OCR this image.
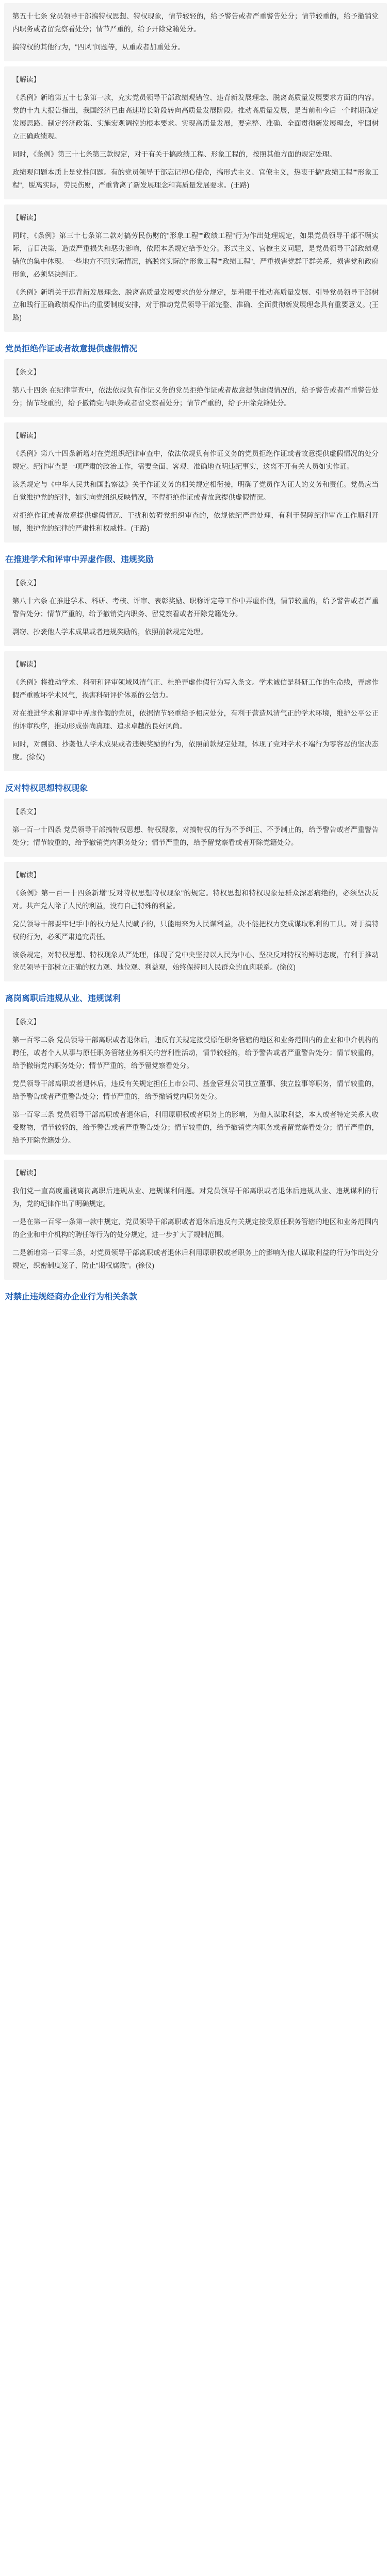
第五十七条 党员领导干部搞特权思想、特权现象，情节较轻的，给予警告或者严重警告处分；情节较重的，给予撤销党内职务或者留党察看处分；情节严重的，给予开除党籍处分。

搞特权的其他行为，"四风"问题等，从重或者加重处分。

【解读】

《条例》新增第五十七条第一款，充实党员领导干部政绩观错位、违背新发展理念、脱离高质量发展要求方面的内容。党的十九大报告指出，我国经济已由高速增长阶段转向高质量发展阶段。推动高质量发展，是当前和今后一个时期确定发展思路、制定经济政策、实施宏观调控的根本要求。实现高质量发展，要完整、准确、全面贯彻新发展理念，牢固树立正确政绩观。

同时，《条例》第三十七条第三款规定，对于有关于搞政绩工程、形象工程的，按照其他方面的规定处理。

政绩观问题本质上是党性问题。有的党员领导干部忘记初心使命，搞形式主义、官僚主义，热衷于搞"政绩工程""形象工程"，脱离实际，劳民伤财，严重背离了新发展理念和高质量发展要求。(王路)

【解读】

同时，《条例》第三十七条第二款对搞劳民伤财的"形象工程""政绩工程"行为作出处理规定，如果党员领导干部不顾实际，盲目决策，造成严重损失和恶劣影响，依照本条规定给予处分。形式主义、官僚主义问题，是党员领导干部政绩观错位的集中体现。一些地方不顾实际情况，搞脱离实际的"形象工程""政绩工程"，严重损害党群干群关系，损害党和政府形象，必须坚决纠正。

《条例》新增关于违背新发展理念、脱离高质量发展要求的处分规定，是着眼于推动高质量发展、引导党员领导干部树立和践行正确政绩观作出的重要制度安排，对于推动党员领导干部完整、准确、全面贯彻新发展理念具有重要意义。(王路)

党员拒绝作证或者故意提供虚假情况
【条文】

第八十四条 在纪律审查中，依法依规负有作证义务的党员拒绝作证或者故意提供虚假情况的，给予警告或者严重警告处分；情节较重的，给予撤销党内职务或者留党察看处分；情节严重的，给予开除党籍处分。

【解读】

《条例》第八十四条新增对在党组织纪律审查中，依法依规负有作证义务的党员拒绝作证或者故意提供虚假情况的处分规定。纪律审查是一项严肃的政治工作，需要全面、客观、准确地查明违纪事实，这离不开有关人员如实作证。

该条规定与《中华人民共和国监察法》关于作证义务的相关规定相衔接，明确了党员作为证人的义务和责任。党员应当自觉维护党的纪律，如实向党组织反映情况，不得拒绝作证或者故意提供虚假情况。

对拒绝作证或者故意提供虚假情况、干扰和妨碍党组织审查的，依规依纪严肃处理，有利于保障纪律审查工作顺利开展，维护党的纪律的严肃性和权威性。(王路)

在推进学术和评审中弄虚作假、违规奖励
【条文】

第八十六条 在推进学术、科研、考核、评审、表彰奖励、职称评定等工作中弄虚作假，情节较重的，给予警告或者严重警告处分；情节严重的，给予撤销党内职务、留党察看或者开除党籍处分。

剽窃、抄袭他人学术成果或者违规奖励的，依照前款规定处理。

【解读】

《条例》将推动学术、科研和评审领域风清气正、杜绝弄虚作假行为写入条文。学术诚信是科研工作的生命线，弄虚作假严重败坏学术风气，损害科研评价体系的公信力。

对在推进学术和评审中弄虚作假的党员，依据情节轻重给予相应处分，有利于营造风清气正的学术环境，维护公平公正的评审秩序，推动形成崇尚真理、追求卓越的良好风尚。

同时，对剽窃、抄袭他人学术成果或者违规奖励的行为，依照前款规定处理，体现了党对学术不端行为零容忍的坚决态度。(徐仪)

反对特权思想特权现象
【条文】

第一百一十四条 党员领导干部搞特权思想、特权现象，对搞特权的行为不予纠正、不予制止的，给予警告或者严重警告处分；情节较重的，给予撤销党内职务处分；情节严重的，给予留党察看或者开除党籍处分。

【解读】

《条例》第一百一十四条新增"反对特权思想特权现象"的规定。特权思想和特权现象是群众深恶痛绝的，必须坚决反对。共产党人除了人民的利益，没有自己特殊的利益。

党员领导干部要牢记手中的权力是人民赋予的，只能用来为人民谋利益，决不能把权力变成谋取私利的工具。对于搞特权的行为，必须严肃追究责任。

该条规定，对特权思想、特权现象从严处理，体现了党中央坚持以人民为中心、坚决反对特权的鲜明态度，有利于推动党员领导干部树立正确的权力观、地位观、利益观，始终保持同人民群众的血肉联系。(徐仪)

离岗离职后违规从业、违规谋利
【条文】

第一百零二条 党员领导干部离职或者退休后，违反有关规定接受原任职务管辖的地区和业务范围内的企业和中介机构的聘任，或者个人从事与原任职务管辖业务相关的营利性活动，情节较轻的，给予警告或者严重警告处分；情节较重的，给予撤销党内职务处分；情节严重的，给予留党察看处分。

党员领导干部离职或者退休后，违反有关规定担任上市公司、基金管理公司独立董事、独立监事等职务，情节较重的，给予警告或者严重警告处分；情节严重的，给予撤销党内职务处分。

第一百零三条 党员领导干部离职或者退休后，利用原职权或者职务上的影响，为他人谋取利益，本人或者特定关系人收受财物，情节较轻的，给予警告或者严重警告处分；情节较重的，给予撤销党内职务或者留党察看处分；情节严重的，给予开除党籍处分。

【解读】

我们党一直高度重视离岗离职后违规从业、违规谋利问题。对党员领导干部离职或者退休后违规从业、违规谋利的行为，党的纪律作出了明确规定。

一是在第一百零一条第一款中规定，党员领导干部离职或者退休后违反有关规定接受原任职务管辖的地区和业务范围内的企业和中介机构的聘任等行为的处分规定，进一步扩大了规制范围。

二是新增第一百零三条，对党员领导干部离职或者退休后利用原职权或者职务上的影响为他人谋取利益的行为作出处分规定，织密制度笼子，防止"期权腐败"。(徐仪)

对禁止违规经商办企业行为相关条款
